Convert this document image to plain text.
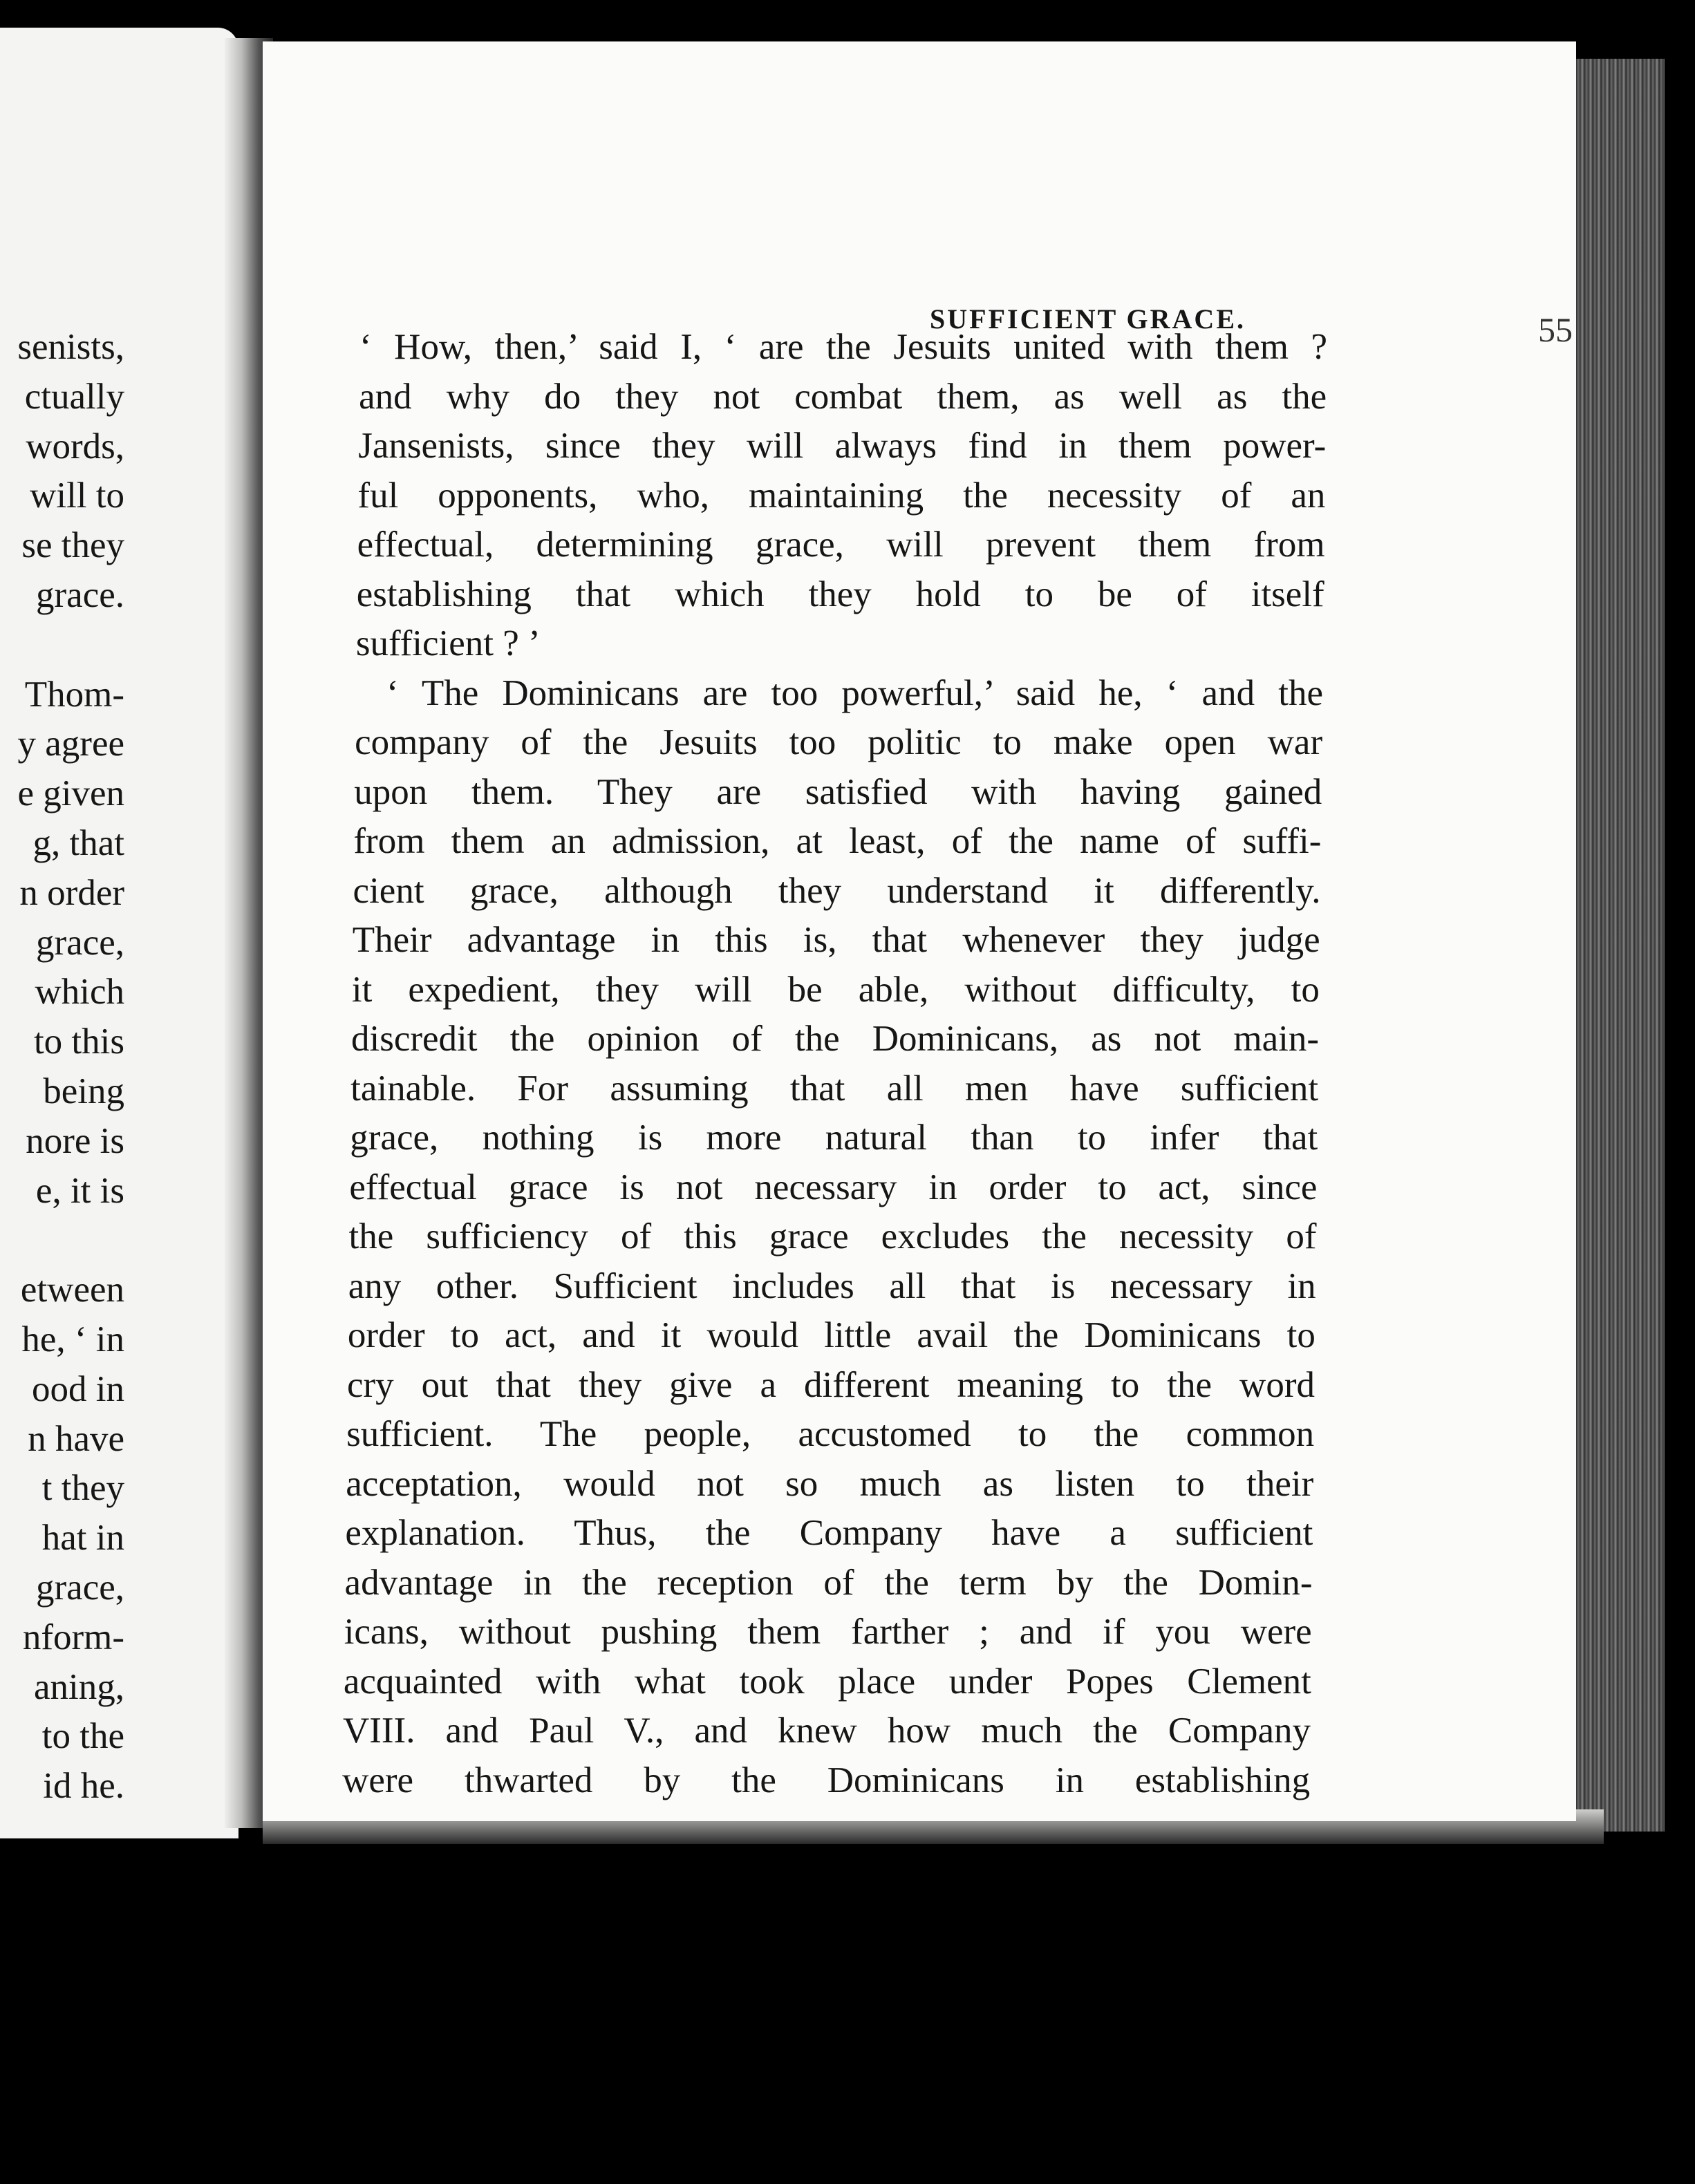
senists,
ctually
words,
will to
se they
grace.
Thom-
y agree
e given
g, that
n order
grace,
which
to this
being
nore is
e, it is
etween
he, ‘ in
ood in
n have
t they
hat in
grace,
nform-
aning,
to the
id he.
SUFFICIENT GRACE.	55
‘ How, then,’ said I, ‘ are the Jesuits united with them ?
and why do they not combat them, as well as the
Jansenists, since they will always find in them power-
ful opponents, who, maintaining the necessity of an
effectual, determining grace, will prevent them from
establishing that which they hold to be of itself
sufficient ? ’
‘ The Dominicans are too powerful,’ said he, ‘ and the
company of the Jesuits too politic to make open war
upon them. They are satisfied with having gained
from them an admission, at least, of the name of suffi-
cient grace, although they understand it differently.
Their advantage in this is, that whenever they judge
it expedient, they will be able, without difficulty, to
discredit the opinion of the Dominicans, as not main-
tainable. For assuming that all men have sufficient
grace, nothing is more natural than to infer that
effectual grace is not necessary in order to act, since
the sufficiency of this grace excludes the necessity of
any other. Sufficient includes all that is necessary in
order to act, and it would little avail the Dominicans to
cry out that they give a different meaning to the word
sufficient. The people, accustomed to the common
acceptation, would not so much as listen to their
explanation. Thus, the Company have a sufficient
advantage in the reception of the term by the Domin-
icans, without pushing them farther ; and if you were
acquainted with what took place under Popes Clement
VIII. and Paul V., and knew how much the Company
were thwarted by the Dominicans in establishing
